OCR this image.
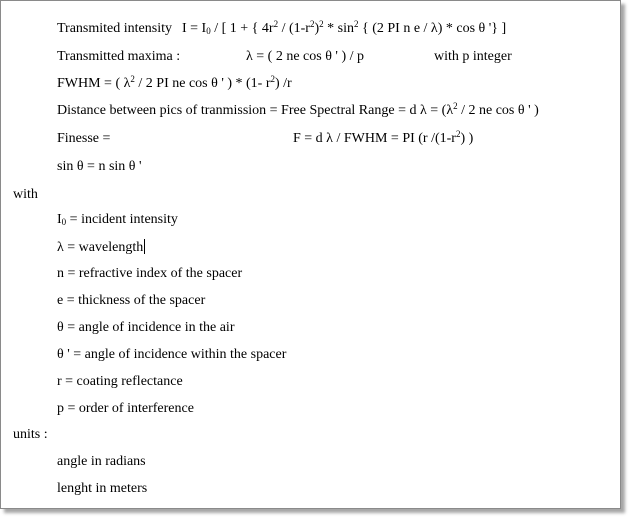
Transmited intensity $I = I_0$ / [ 1 + { $4r^2 / (1-r^2)^2 * \sin^2$ { (2 PI n e / λ) * cos θ '} ]
Transmitted maxima :	λ = ( 2 ne cos θ ' ) / p	with p integer
FWHM = ( $\lambda^2 / 2$ PI ne cos θ ' ) * (1- $r^2$) /r
Distance between pics of tranmission = Free Spectral Range = d $\lambda = (\lambda^2 / 2$ ne cos θ ' )
Finesse =	F = d λ / FWHM = PI (r $/(1-r^2)$ )
sin θ = n sin θ '
with
$I_0$ = incident intensity
λ = wavelength
n = refractive index of the spacer
e = thickness of the spacer
θ = angle of incidence in the air
θ ' = angle of incidence within the spacer
r = coating reflectance
p = order of interference
units :
angle in radians
lenght in meters
